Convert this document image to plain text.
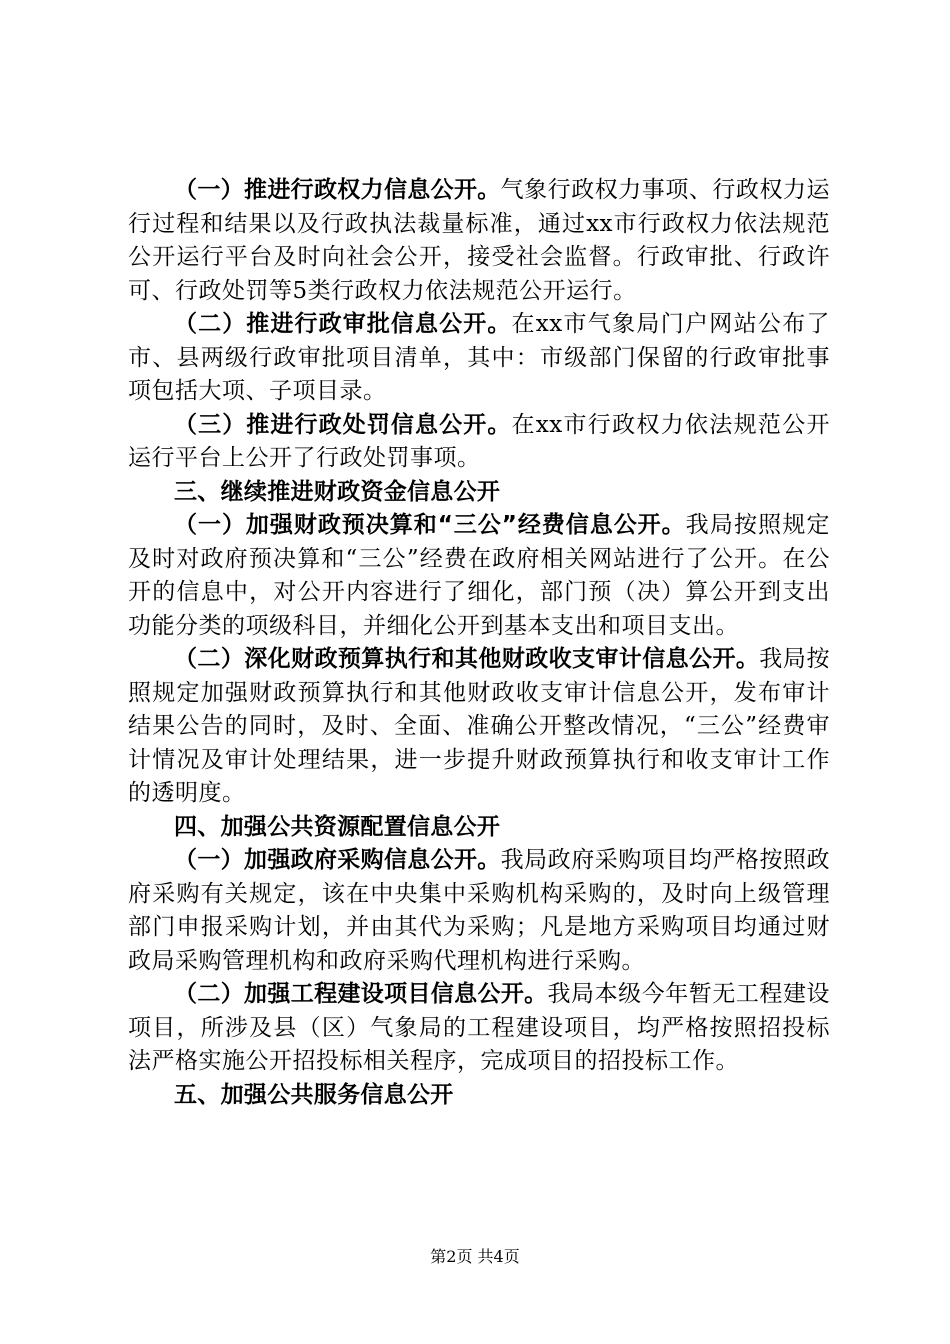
（一）推进行政权力信息公开。气象行政权力事项、行政权力运行过程和结果以及行政执法裁量标准，通过xx市行政权力依法规范公开运行平台及时向社会公开，接受社会监督。行政审批、行政许可、行政处罚等5类行政权力依法规范公开运行。

（二）推进行政审批信息公开。在xx市气象局门户网站公布了市、县两级行政审批项目清单，其中：市级部门保留的行政审批事项包括大项、子项目录。

（三）推进行政处罚信息公开。在xx市行政权力依法规范公开运行平台上公开了行政处罚事项。

三、继续推进财政资金信息公开

（一）加强财政预决算和“三公”经费信息公开。我局按照规定及时对政府预决算和“三公”经费在政府相关网站进行了公开。在公开的信息中，对公开内容进行了细化，部门预（决）算公开到支出功能分类的项级科目，并细化公开到基本支出和项目支出。

（二）深化财政预算执行和其他财政收支审计信息公开。我局按照规定加强财政预算执行和其他财政收支审计信息公开，发布审计结果公告的同时，及时、全面、准确公开整改情况，“三公”经费审计情况及审计处理结果，进一步提升财政预算执行和收支审计工作的透明度。

四、加强公共资源配置信息公开

（一）加强政府采购信息公开。我局政府采购项目均严格按照政府采购有关规定，该在中央集中采购机构采购的，及时向上级管理部门申报采购计划，并由其代为采购；凡是地方采购项目均通过财政局采购管理机构和政府采购代理机构进行采购。

（二）加强工程建设项目信息公开。我局本级今年暂无工程建设项目，所涉及县（区）气象局的工程建设项目，均严格按照招投标法严格实施公开招投标相关程序，完成项目的招投标工作。

五、加强公共服务信息公开

第2页 共4页
